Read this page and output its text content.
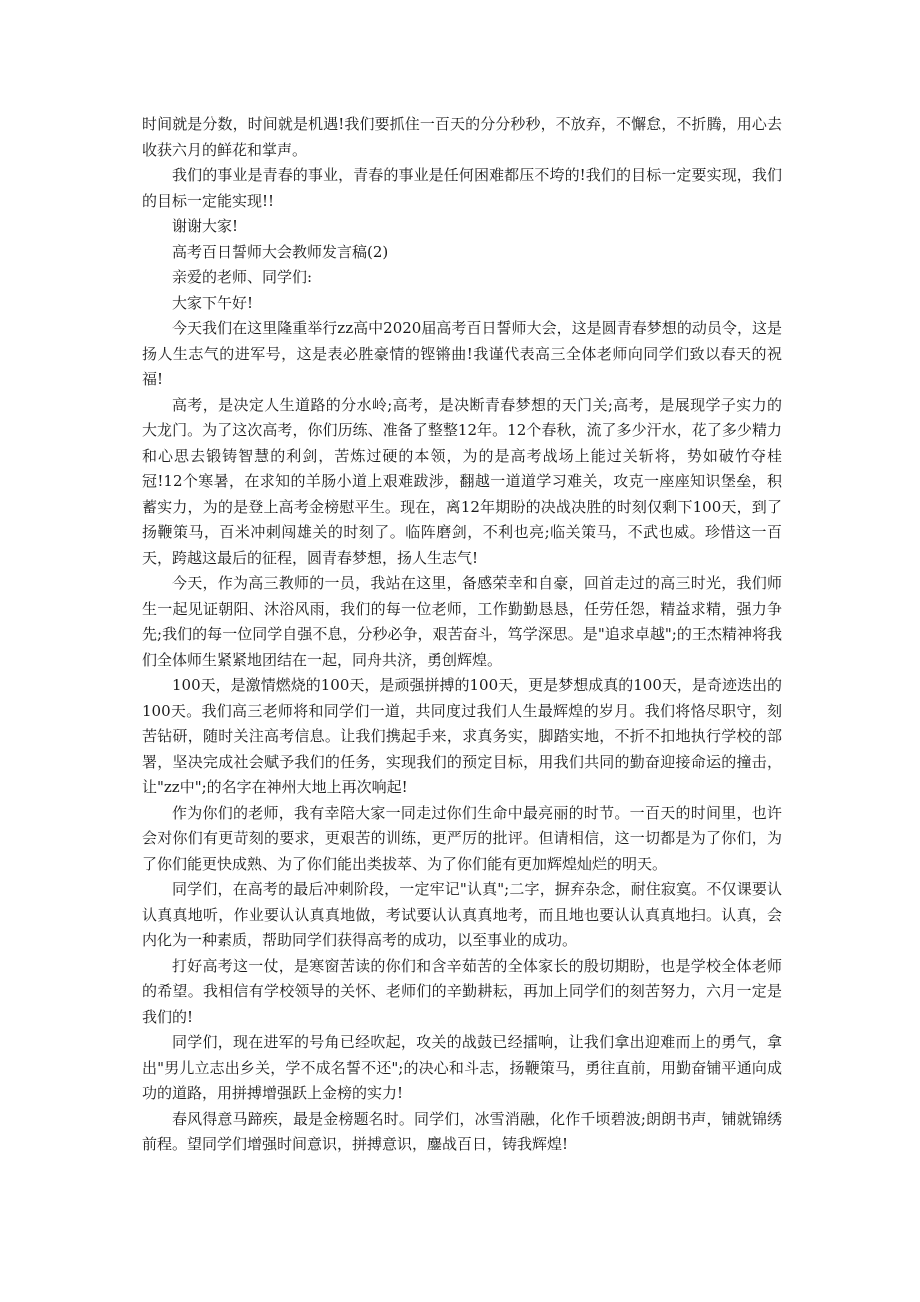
时间就是分数，时间就是机遇!我们要抓住一百天的分分秒秒，不放弃，不懈怠，不折腾，用心去收获六月的鲜花和掌声。

我们的事业是青春的事业，青春的事业是任何困难都压不垮的!我们的目标一定要实现，我们的目标一定能实现!!

谢谢大家!

高考百日誓师大会教师发言稿(2)

亲爱的老师、同学们:

大家下午好!

今天我们在这里隆重举行zz高中2020届高考百日誓师大会，这是圆青春梦想的动员令，这是扬人生志气的进军号，这是表必胜豪情的铿锵曲!我谨代表高三全体老师向同学们致以春天的祝福!

高考，是决定人生道路的分水岭;高考，是决断青春梦想的天门关;高考，是展现学子实力的大龙门。为了这次高考，你们历练、准备了整整12年。12个春秋，流了多少汗水，花了多少精力和心思去锻铸智慧的利剑，苦炼过硬的本领，为的是高考战场上能过关斩将，势如破竹夺桂冠!12个寒暑，在求知的羊肠小道上艰难跋涉，翻越一道道学习难关，攻克一座座知识堡垒，积蓄实力，为的是登上高考金榜慰平生。现在，离12年期盼的决战决胜的时刻仅剩下100天，到了扬鞭策马，百米冲刺闯雄关的时刻了。临阵磨剑，不利也亮;临关策马，不武也威。珍惜这一百天，跨越这最后的征程，圆青春梦想，扬人生志气!

今天，作为高三教师的一员，我站在这里，备感荣幸和自豪，回首走过的高三时光，我们师生一起见证朝阳、沐浴风雨，我们的每一位老师，工作勤勤恳恳，任劳任怨，精益求精，强力争先;我们的每一位同学自强不息，分秒必争，艰苦奋斗，笃学深思。是"追求卓越";的王杰精神将我们全体师生紧紧地团结在一起，同舟共济，勇创辉煌。

100天，是激情燃烧的100天，是顽强拼搏的100天，更是梦想成真的100天，是奇迹迭出的100天。我们高三老师将和同学们一道，共同度过我们人生最辉煌的岁月。我们将恪尽职守，刻苦钻研，随时关注高考信息。让我们携起手来，求真务实，脚踏实地，不折不扣地执行学校的部署，坚决完成社会赋予我们的任务，实现我们的预定目标，用我们共同的勤奋迎接命运的撞击，让"zz中";的名字在神州大地上再次响起!

作为你们的老师，我有幸陪大家一同走过你们生命中最亮丽的时节。一百天的时间里，也许会对你们有更苛刻的要求，更艰苦的训练，更严厉的批评。但请相信，这一切都是为了你们，为了你们能更快成熟、为了你们能出类拔萃、为了你们能有更加辉煌灿烂的明天。

同学们，在高考的最后冲刺阶段，一定牢记"认真";二字，摒弃杂念，耐住寂寞。不仅课要认认真真地听，作业要认认真真地做，考试要认认真真地考，而且地也要认认真真地扫。认真，会内化为一种素质，帮助同学们获得高考的成功，以至事业的成功。

打好高考这一仗，是寒窗苦读的你们和含辛茹苦的全体家长的殷切期盼，也是学校全体老师的希望。我相信有学校领导的关怀、老师们的辛勤耕耘，再加上同学们的刻苦努力，六月一定是我们的!

同学们，现在进军的号角已经吹起，攻关的战鼓已经擂响，让我们拿出迎难而上的勇气，拿出"男儿立志出乡关，学不成名誓不还";的决心和斗志，扬鞭策马，勇往直前，用勤奋铺平通向成功的道路，用拼搏增强跃上金榜的实力!

春风得意马蹄疾，最是金榜题名时。同学们，冰雪消融，化作千顷碧波;朗朗书声，铺就锦绣前程。望同学们增强时间意识，拼搏意识，鏖战百日，铸我辉煌!
